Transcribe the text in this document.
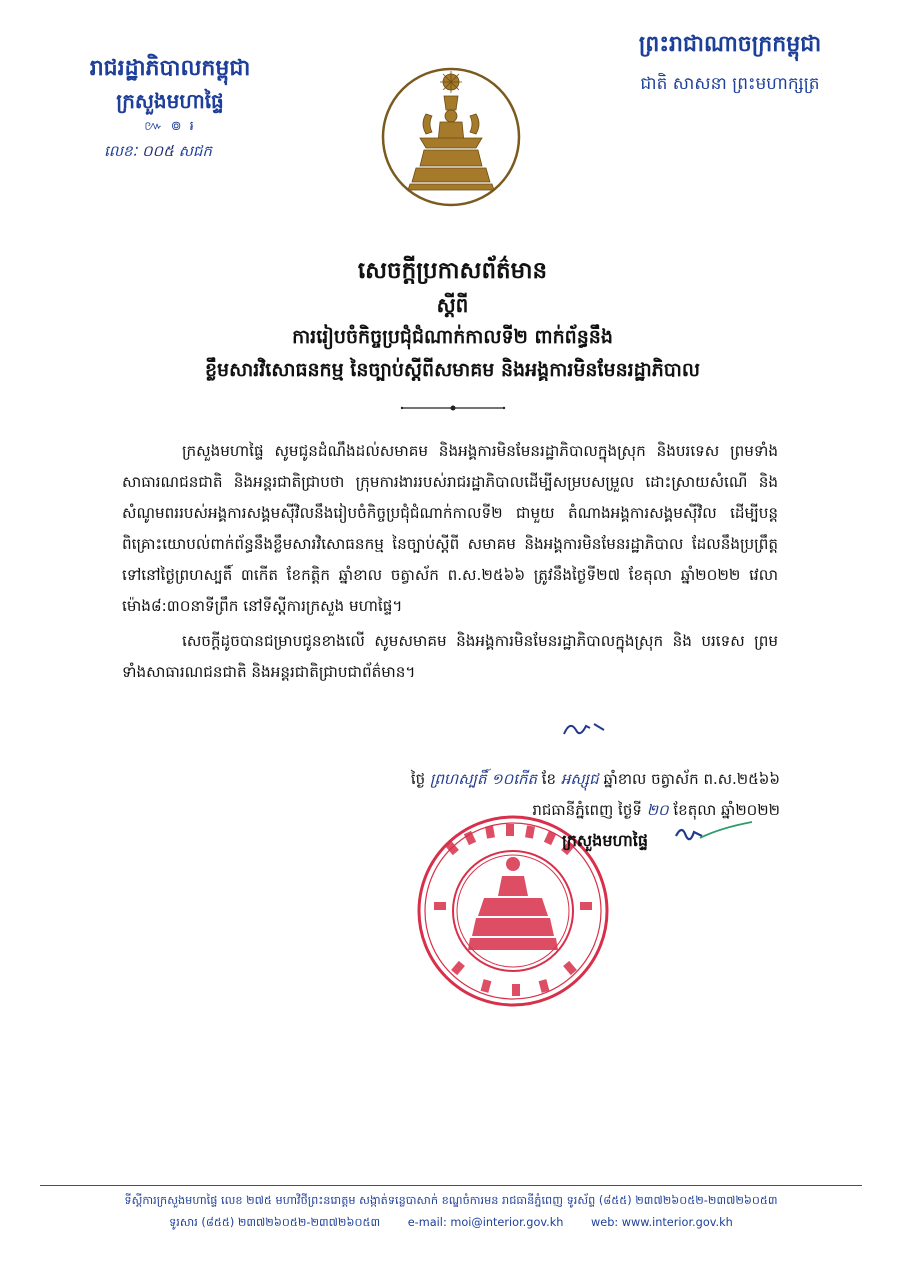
រាជរដ្ឋាភិបាលកម្ពុជា
ក្រសួងមហាផ្ទៃ
៚ ៙ ៛
លេខៈ ០០៥ សជក
ព្រះរាជាណាចក្រកម្ពុជា
ជាតិ សាសនា ព្រះមហាក្សត្រ
សេចក្តីប្រកាសព័ត៌មាន
ស្តីពី
ការរៀបចំកិច្ចប្រជុំជំណាក់កាលទី២ ពាក់ព័ន្ធនឹង
ខ្លឹមសារវិសោធនកម្ម នៃច្បាប់ស្តីពីសមាគម និងអង្គការមិនមែនរដ្ឋាភិបាល

ក្រសួងមហាផ្ទៃ សូមជូនដំណឹងដល់សមាគម និងអង្គការមិនមែនរដ្ឋាភិបាលក្នុងស្រុក និងបរទេស ព្រមទាំងសាធារណជនជាតិ និងអន្តរជាតិជ្រាបថា ក្រុមការងាររបស់រាជរដ្ឋាភិបាលដើម្បីសម្របសម្រួល ដោះស្រាយសំណើ និងសំណូមពររបស់អង្គការសង្គមស៊ីវិលនឹងរៀបចំកិច្ចប្រជុំជំណាក់កាលទី២ ជាមួយ តំណាងអង្គការសង្គមស៊ីវិល ដើម្បីបន្តពិគ្រោះយោបល់ពាក់ព័ន្ធនឹងខ្លឹមសារវិសោធនកម្ម នៃច្បាប់ស្តីពី សមាគម និងអង្គការមិនមែនរដ្ឋាភិបាល ដែលនឹងប្រព្រឹត្តទៅនៅថ្ងៃព្រហស្បតិ៍ ៣កើត ខែកត្តិក ឆ្នាំខាល ចត្វាស័ក ព.ស.២៥៦៦ ត្រូវនឹងថ្ងៃទី២៧ ខែតុលា ឆ្នាំ២០២២ វេលាម៉ោង៨:៣០នាទីព្រឹក នៅទីស្តីការក្រសួង មហាផ្ទៃ។

សេចក្តីដូចបានជម្រាបជូនខាងលើ សូមសមាគម និងអង្គការមិនមែនរដ្ឋាភិបាលក្នុងស្រុក និង បរទេស ព្រមទាំងសាធារណជនជាតិ និងអន្តរជាតិជ្រាបជាព័ត៌មាន។

ថ្ងៃ ព្រហស្បតិ៍ ១០កើត ខែ អស្សុជ ឆ្នាំខាល ចត្វាស័ក ព.ស.២៥៦៦
រាជធានីភ្នំពេញ ថ្ងៃទី ២០ ខែតុលា ឆ្នាំ២០២២
ក្រសួងមហាផ្ទៃ
ទីស្តីការក្រសួងមហាផ្ទៃ លេខ ២៧៥ មហាវិថីព្រះនរោត្តម សង្កាត់ទន្លេបាសាក់ ខណ្ឌចំការមន រាជធានីភ្នំពេញ ទូរស័ព្ទ (៨៥៥) ២៣៧២៦០៥២-២៣៧២៦០៥៣
ទូរសារ (៨៥៥) ២៣៧២៦០៥២-២៣៧២៦០៥៣ e-mail: moi@interior.gov.kh web: www.interior.gov.kh
